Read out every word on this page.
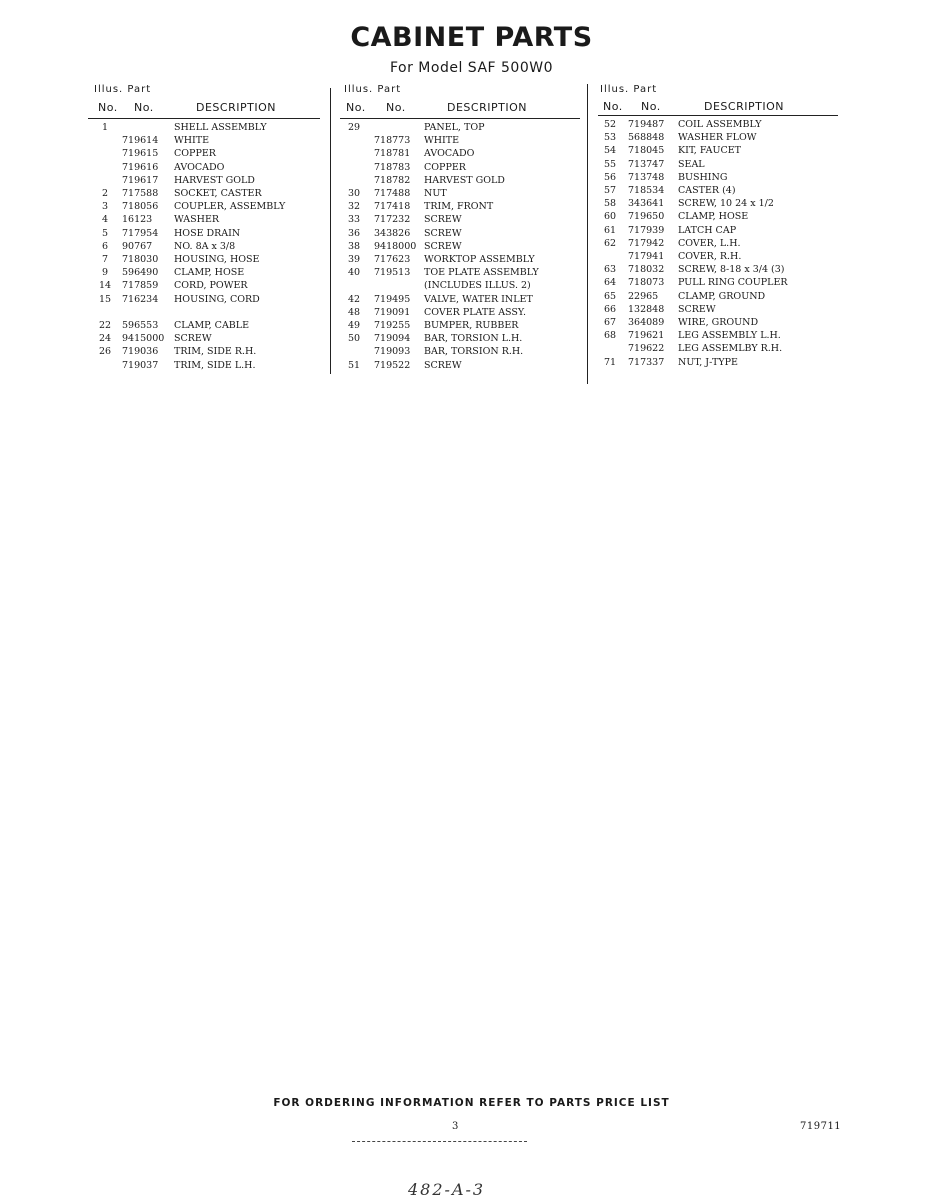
CABINET PARTS
For Model SAF 500W0
Illus. Part
No. No.	DESCRIPTION
1	SHELL ASSEMBLY
719614 WHITE
719615 COPPER
719616 AVOCADO
719617 HARVEST GOLD
2	717588 SOCKET, CASTER
3	718056 COUPLER, ASSEMBLY
4	16123 WASHER
5	717954 HOSE DRAIN
6	90767 NO. 8A x 3/8
7	718030 HOUSING, HOSE
9	596490 CLAMP, HOSE
14	717859 CORD, POWER
15	716234 HOUSING, CORD
22	596553 CLAMP, CABLE
24	9415000 SCREW
26	719036 TRIM, SIDE R.H.
719037 TRIM, SIDE L.H.
Illus. Part
No. No.	DESCRIPTION
29	PANEL, TOP
718773 WHITE
718781 AVOCADO
718783 COPPER
718782 HARVEST GOLD
30	717488 NUT
32	717418 TRIM, FRONT
33	717232 SCREW
36	343826 SCREW
38	9418000 SCREW
39	717623 WORKTOP ASSEMBLY
40	719513 TOE PLATE ASSEMBLY
(INCLUDES ILLUS. 2)
42	719495 VALVE, WATER INLET
48	719091 COVER PLATE ASSY.
49	719255 BUMPER, RUBBER
50	719094 BAR, TORSION L.H.
719093 BAR, TORSION R.H.
51	719522 SCREW
Illus. Part
No. No.	DESCRIPTION
52	719487 COIL ASSEMBLY
53	568848 WASHER FLOW
54	718045 KIT, FAUCET
55	713747 SEAL
56	713748 BUSHING
57	718534 CASTER (4)
58	343641 SCREW, 10 24 x 1/2
60	719650 CLAMP, HOSE
61	717939 LATCH CAP
62	717942 COVER, L.H.
717941 COVER, R.H.
63	718032 SCREW, 8-18 x 3/4 (3)
64	718073 PULL RING COUPLER
65	22965 CLAMP, GROUND
66	132848 SCREW
67	364089 WIRE, GROUND
68	719621 LEG ASSEMBLY L.H.
719622 LEG ASSEMLBY R.H.
71	717337 NUT, J-TYPE
FOR ORDERING INFORMATION REFER TO PARTS PRICE LIST
3	719711
482-A-3
